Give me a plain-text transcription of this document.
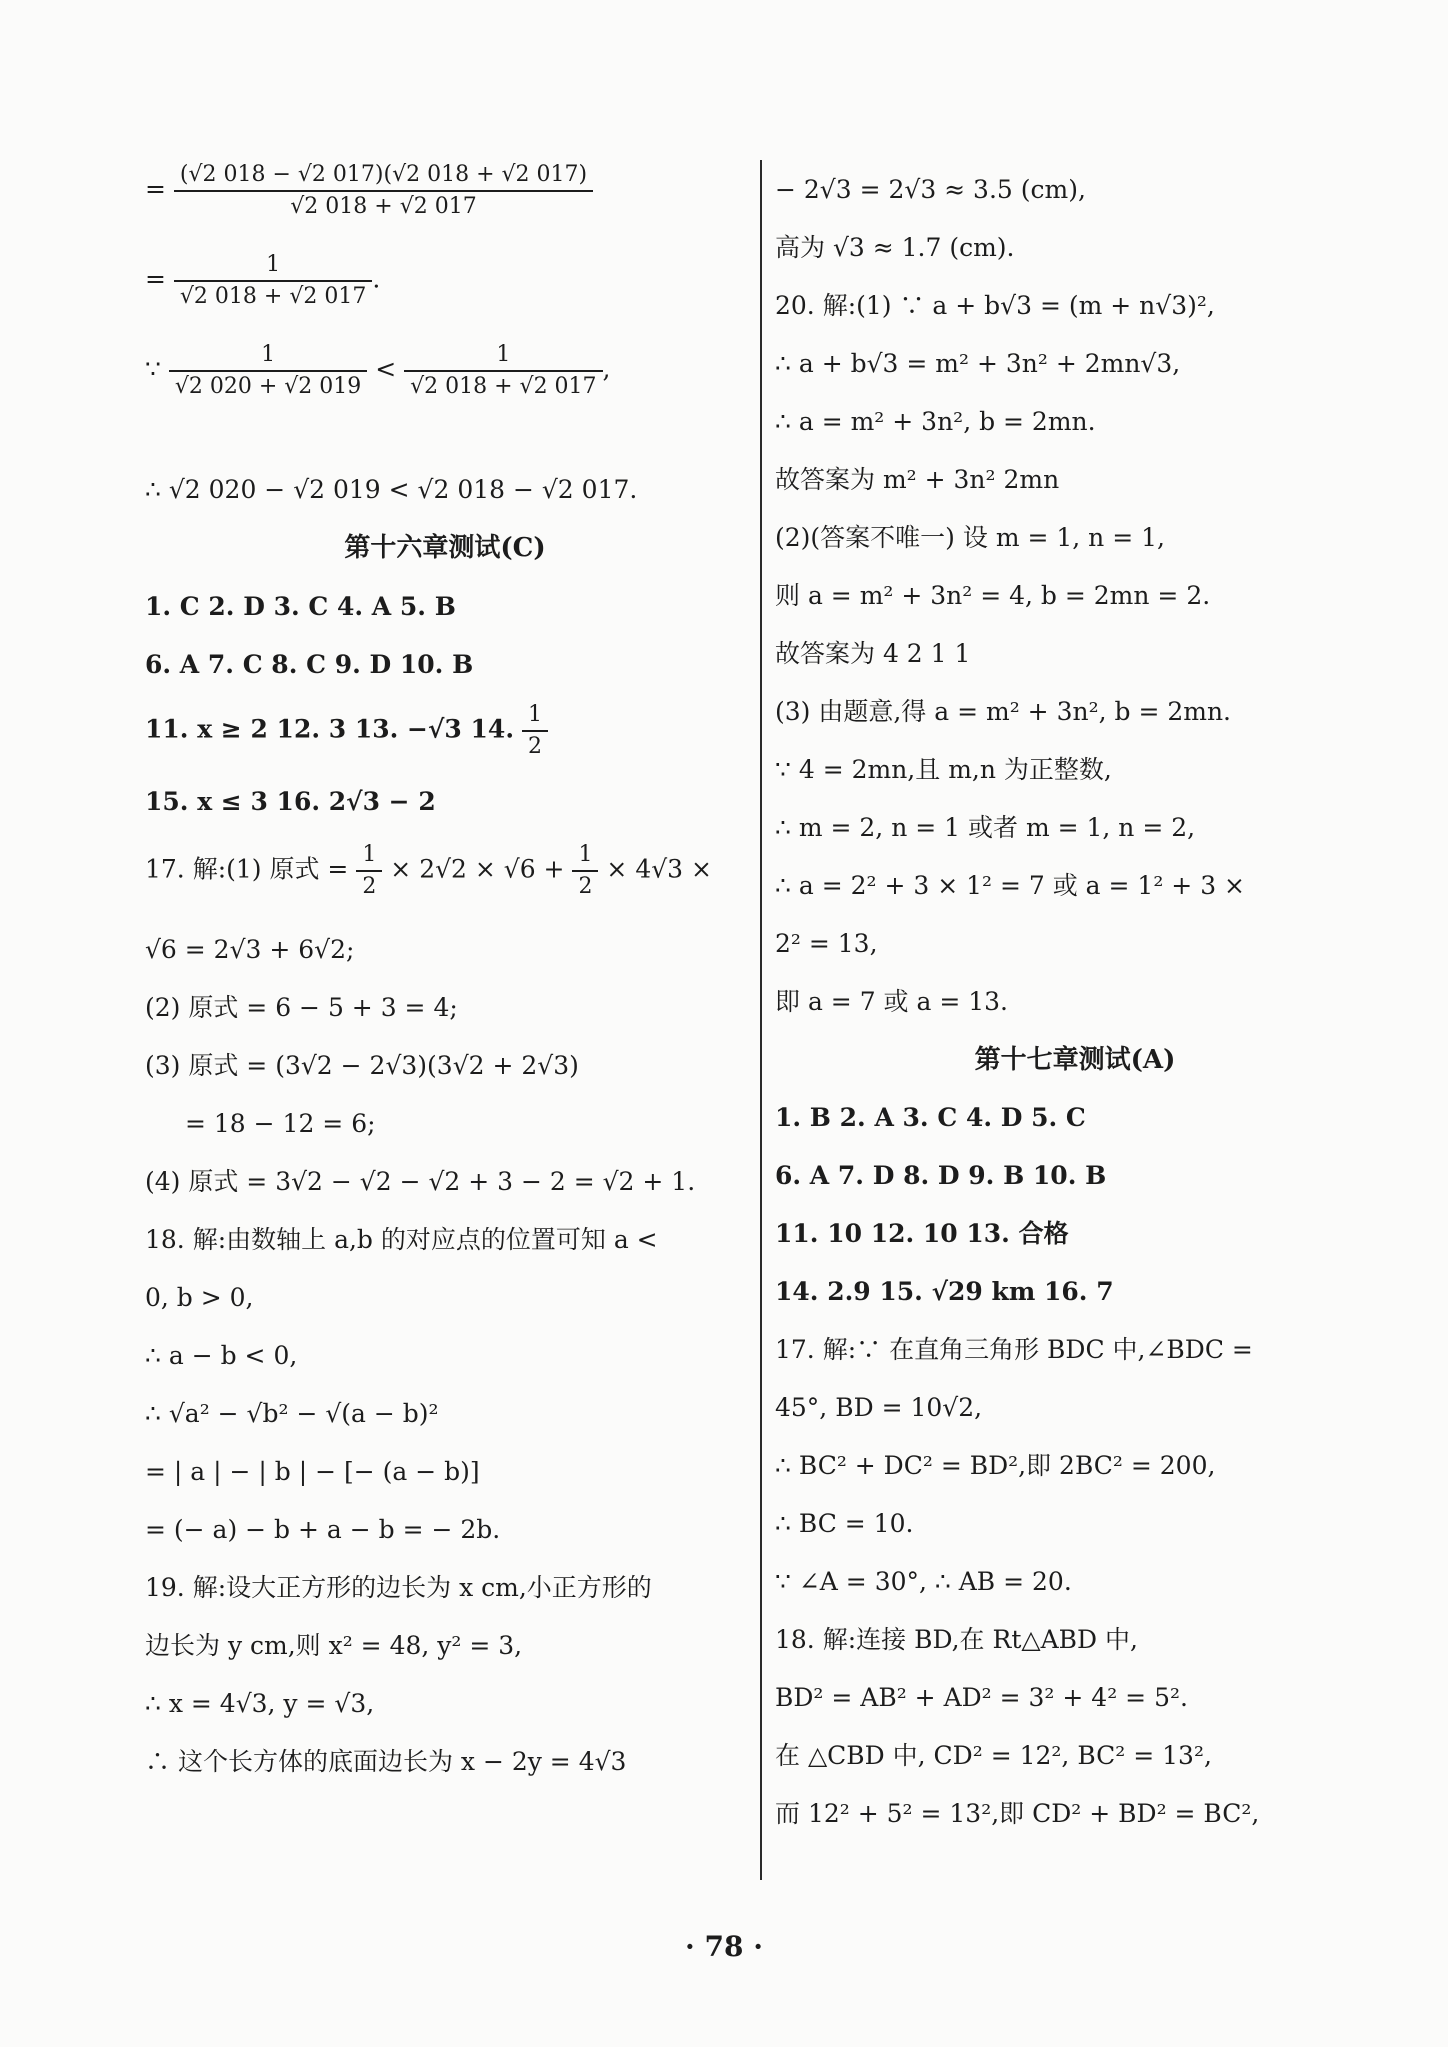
= $\frac{(√2 018 - √2 017)(√2 018 + √2 017)}{√2 018 + √2 017}$
= $\frac{1}{√2 018 + √2 017}$ .
∵ $\frac{1}{√2 020 + √2 019} < \frac{1}{√2 018 + √2 017}$ ,
∴ √2 020 − √2 019 < √2 018 − √2 017.
第十六章测试(C)
1. C 2. D 3. C 4. A 5. B
6. A 7. C 8. C 9. D 10. B
11. x ≥ 2 12. 3 13. −√3 14. $\frac{1}{2}$
15. x ≤ 3 16. 2√3 − 2
17. 解:(1) 原式 = $\frac{1}{2} \times 2√2 \times √6 + \frac{1}{2} \times 4√3$ ×
√6 = 2√3 + 6√2;
(2) 原式 = 6 − 5 + 3 = 4;
(3) 原式 = (3√2 − 2√3)(3√2 + 2√3)
= 18 − 12 = 6;
(4) 原式 = 3√2 − √2 − √2 + 3 − 2 = √2 + 1.
18. 解:由数轴上 a,b 的对应点的位置可知 a <
0, b > 0,
∴ a − b < 0,
∴ √a² − √b² − √(a − b)²
= | a | − | b | − [− (a − b)]
= (− a) − b + a − b = − 2b.
19. 解:设大正方形的边长为 x cm,小正方形的
边长为 y cm,则 x² = 48, y² = 3,
∴ x = 4√3, y = √3,
∴ 这个长方体的底面边长为 x − 2y = 4√3
− 2√3 = 2√3 ≈ 3.5 (cm),
高为 √3 ≈ 1.7 (cm).
20. 解:(1) ∵ a + b√3 = (m + n√3)²,
∴ a + b√3 = m² + 3n² + 2mn√3,
∴ a = m² + 3n², b = 2mn.
故答案为 m² + 3n² 2mn
(2)(答案不唯一) 设 m = 1, n = 1,
则 a = m² + 3n² = 4, b = 2mn = 2.
故答案为 4 2 1 1
(3) 由题意,得 a = m² + 3n², b = 2mn.
∵ 4 = 2mn,且 m,n 为正整数,
∴ m = 2, n = 1 或者 m = 1, n = 2,
∴ a = 2² + 3 × 1² = 7 或 a = 1² + 3 ×
2² = 13,
即 a = 7 或 a = 13.
第十七章测试(A)
1. B 2. A 3. C 4. D 5. C
6. A 7. D 8. D 9. B 10. B
11. 10 12. 10 13. 合格
14. 2.9 15. √29 km 16. 7
17. 解:∵ 在直角三角形 BDC 中,∠BDC =
45°, BD = 10√2,
∴ BC² + DC² = BD²,即 2BC² = 200,
∴ BC = 10.
∵ ∠A = 30°, ∴ AB = 20.
18. 解:连接 BD,在 Rt△ABD 中,
BD² = AB² + AD² = 3² + 4² = 5².
在 △CBD 中, CD² = 12², BC² = 13²,
而 12² + 5² = 13²,即 CD² + BD² = BC²,
· 78 ·
